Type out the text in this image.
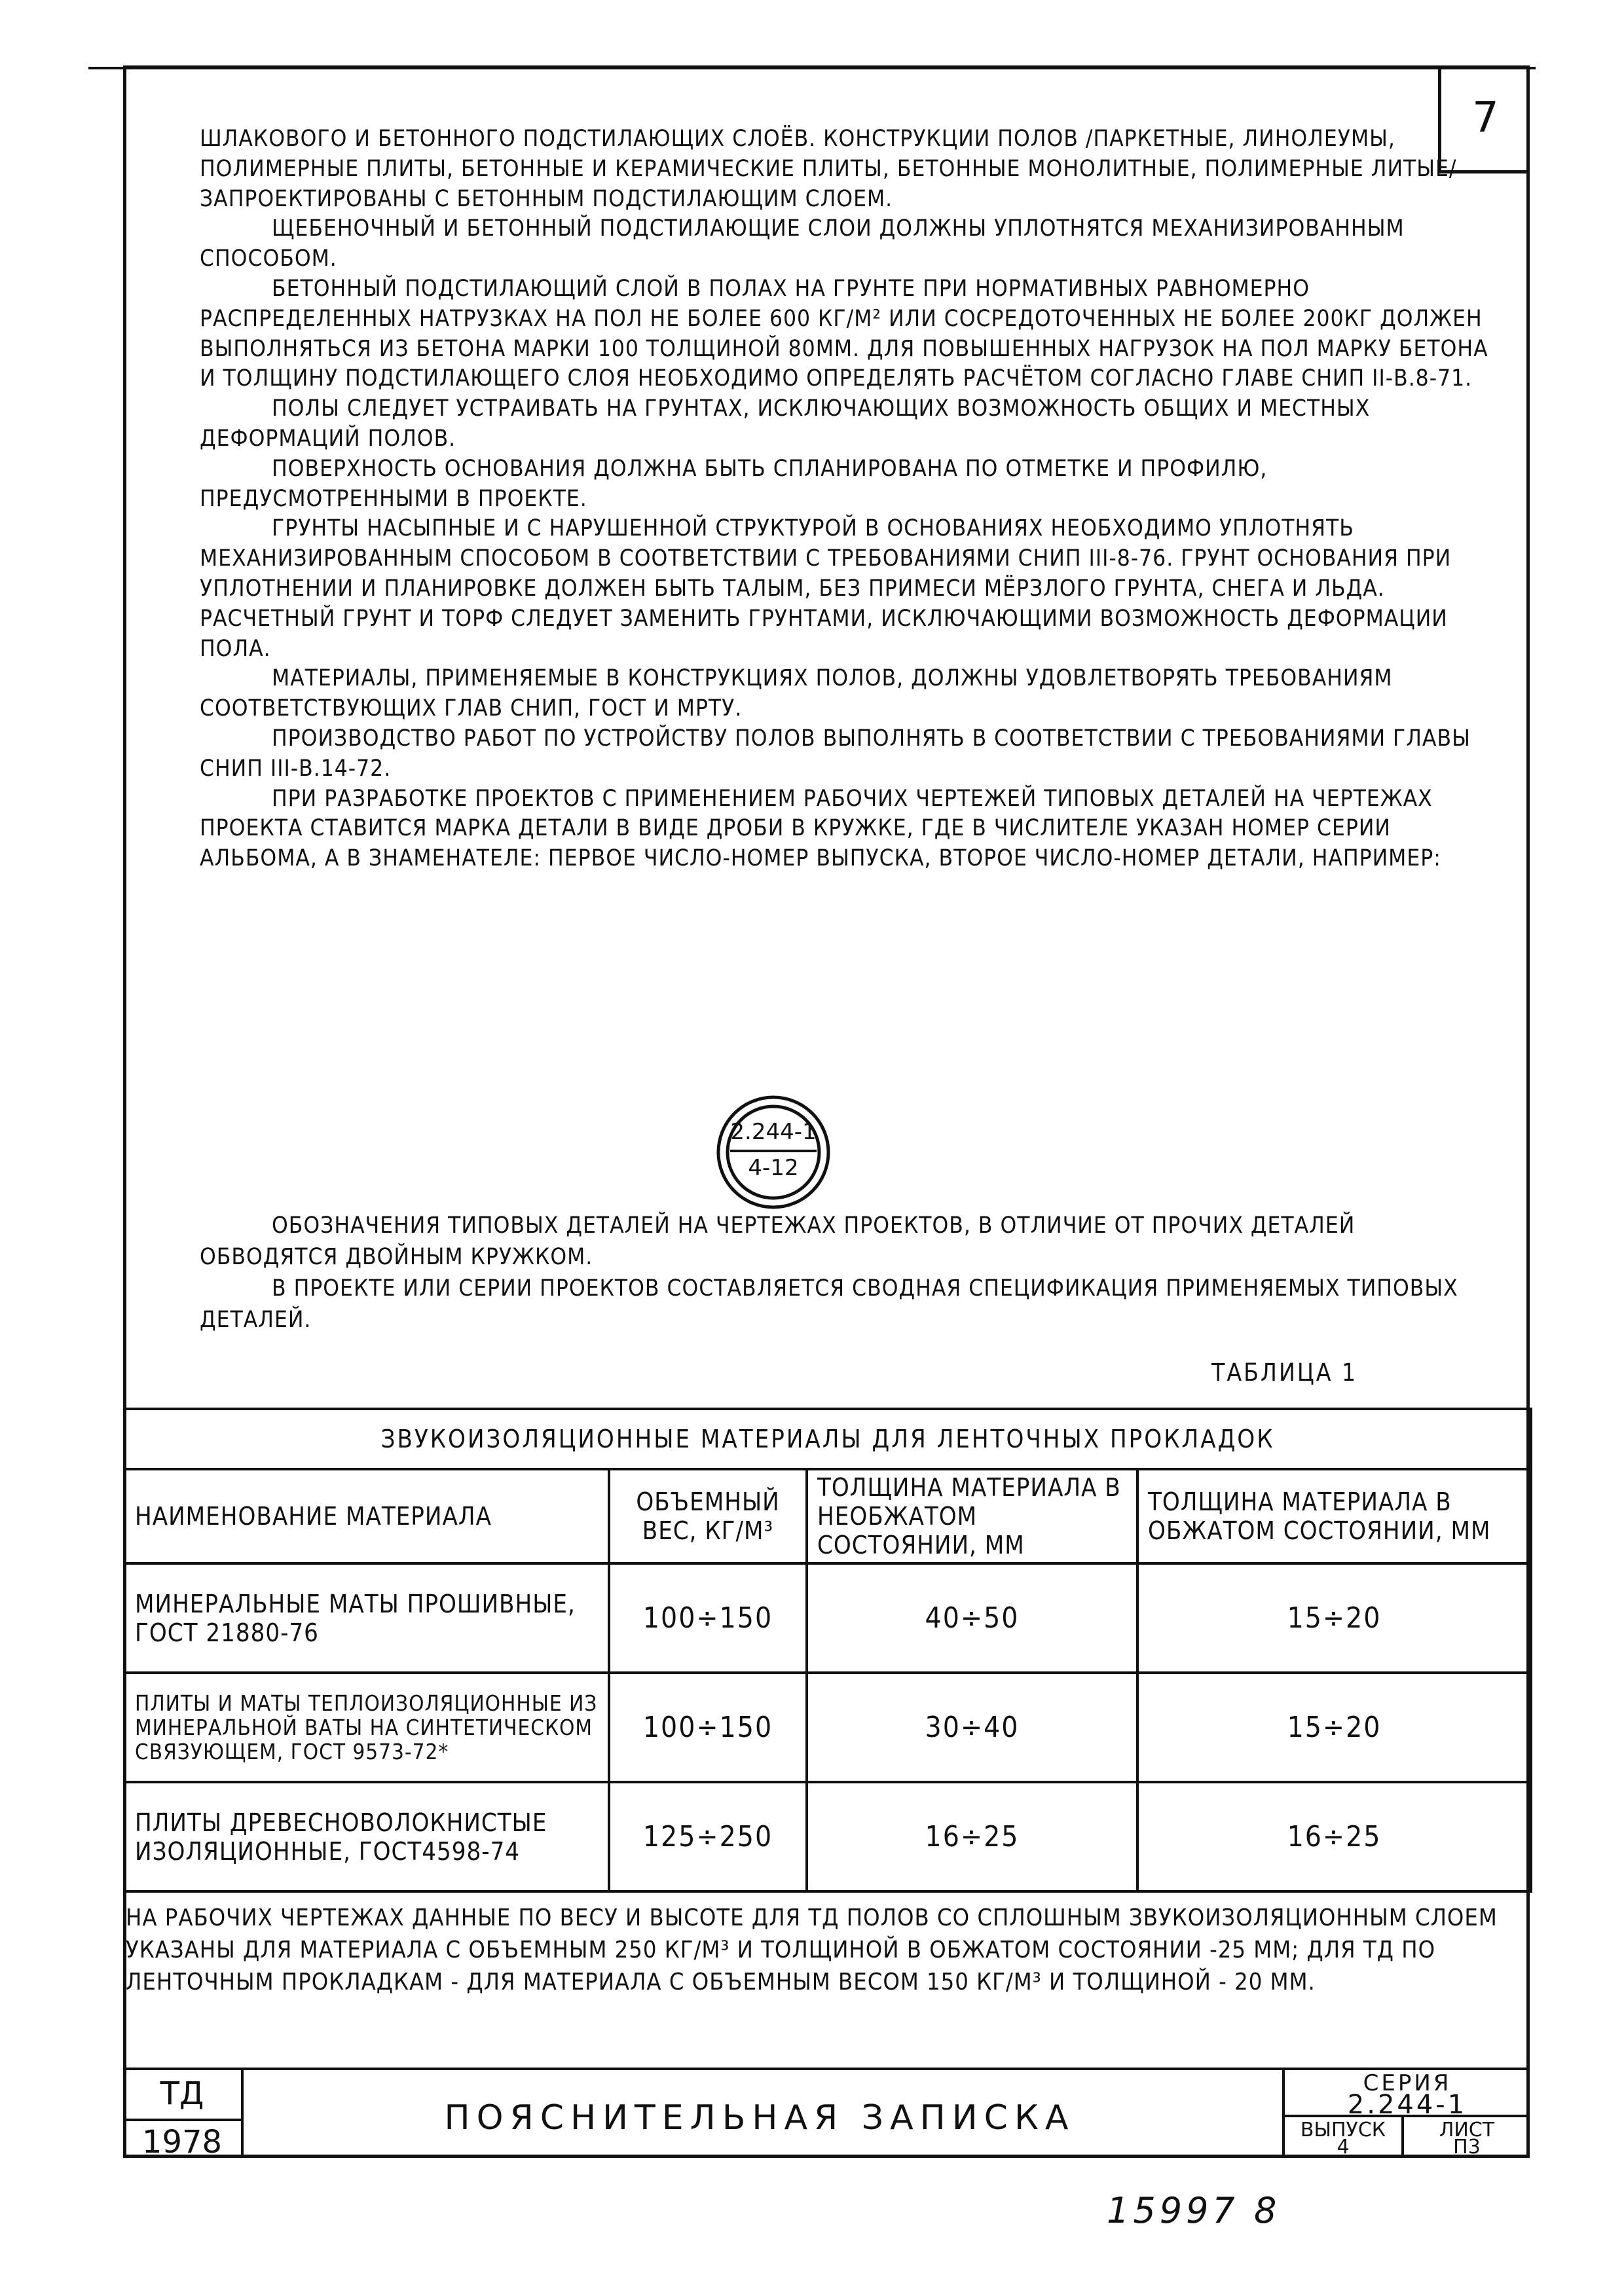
7

ШЛАКОВОГО И БЕТОННОГО ПОДСТИЛАЮЩИХ СЛОЁВ. КОНСТРУКЦИИ ПОЛОВ /ПАРКЕТНЫЕ, ЛИНОЛЕУМЫ, ПОЛИМЕРНЫЕ ПЛИТЫ, БЕТОННЫЕ И КЕРАМИЧЕСКИЕ ПЛИТЫ, БЕТОННЫЕ МОНОЛИТНЫЕ, ПОЛИМЕРНЫЕ ЛИТЫЕ/ ЗАПРОЕКТИРОВАНЫ С БЕТОННЫМ ПОДСТИЛАЮЩИМ СЛОЕМ.

ЩЕБЕНОЧНЫЙ И БЕТОННЫЙ ПОДСТИЛАЮЩИЕ СЛОИ ДОЛЖНЫ УПЛОТНЯТСЯ МЕХАНИЗИРОВАННЫМ СПОСОБОМ.

БЕТОННЫЙ ПОДСТИЛАЮЩИЙ СЛОЙ В ПОЛАХ НА ГРУНТЕ ПРИ НОРМАТИВНЫХ РАВНОМЕРНО РАСПРЕДЕЛЕННЫХ НАТРУЗКАХ НА ПОЛ НЕ БОЛЕЕ 600 КГ/М² ИЛИ СОСРЕДОТОЧЕННЫХ НЕ БОЛЕЕ 200КГ ДОЛЖЕН ВЫПОЛНЯТЬСЯ ИЗ БЕТОНА МАРКИ 100 ТОЛЩИНОЙ 80ММ. ДЛЯ ПОВЫШЕННЫХ НАГРУЗОК НА ПОЛ МАРКУ БЕТОНА И ТОЛЩИНУ ПОДСТИЛАЮЩЕГО СЛОЯ НЕОБХОДИМО ОПРЕДЕЛЯТЬ РАСЧЁТОМ СОГЛАСНО ГЛАВЕ СНИП II-В.8-71.

ПОЛЫ СЛЕДУЕТ УСТРАИВАТЬ НА ГРУНТАХ, ИСКЛЮЧАЮЩИХ ВОЗМОЖНОСТЬ ОБЩИХ И МЕСТНЫХ ДЕФОРМАЦИЙ ПОЛОВ.

ПОВЕРХНОСТЬ ОСНОВАНИЯ ДОЛЖНА БЫТЬ СПЛАНИРОВАНА ПО ОТМЕТКЕ И ПРОФИЛЮ, ПРЕДУСМОТРЕННЫМИ В ПРОЕКТЕ.

ГРУНТЫ НАСЫПНЫЕ И С НАРУШЕННОЙ СТРУКТУРОЙ В ОСНОВАНИЯХ НЕОБХОДИМО УПЛОТНЯТЬ МЕХАНИЗИРОВАННЫМ СПОСОБОМ В СООТВЕТСТВИИ С ТРЕБОВАНИЯМИ СНИП III-8-76. ГРУНТ ОСНОВАНИЯ ПРИ УПЛОТНЕНИИ И ПЛАНИРОВКЕ ДОЛЖЕН БЫТЬ ТАЛЫМ, БЕЗ ПРИМЕСИ МЁРЗЛОГО ГРУНТА, СНЕГА И ЛЬДА. РАСЧЕТНЫЙ ГРУНТ И ТОРФ СЛЕДУЕТ ЗАМЕНИТЬ ГРУНТАМИ, ИСКЛЮЧАЮЩИМИ ВОЗМОЖНОСТЬ ДЕФОРМАЦИИ ПОЛА.

МАТЕРИАЛЫ, ПРИМЕНЯЕМЫЕ В КОНСТРУКЦИЯХ ПОЛОВ, ДОЛЖНЫ УДОВЛЕТВОРЯТЬ ТРЕБОВАНИЯМ СООТВЕТСТВУЮЩИХ ГЛАВ СНИП, ГОСТ И МРТУ.

ПРОИЗВОДСТВО РАБОТ ПО УСТРОЙСТВУ ПОЛОВ ВЫПОЛНЯТЬ В СООТВЕТСТВИИ С ТРЕБОВАНИЯМИ ГЛАВЫ СНИП III-В.14-72.

ПРИ РАЗРАБОТКЕ ПРОЕКТОВ С ПРИМЕНЕНИЕМ РАБОЧИХ ЧЕРТЕЖЕЙ ТИПОВЫХ ДЕТАЛЕЙ НА ЧЕРТЕЖАХ ПРОЕКТА СТАВИТСЯ МАРКА ДЕТАЛИ В ВИДЕ ДРОБИ В КРУЖКЕ, ГДЕ В ЧИСЛИТЕЛЕ УКАЗАН НОМЕР СЕРИИ АЛЬБОМА, А В ЗНАМЕНАТЕЛЕ: ПЕРВОЕ ЧИСЛО-НОМЕР ВЫПУСКА, ВТОРОЕ ЧИСЛО-НОМЕР ДЕТАЛИ, НАПРИМЕР:

2.244-1
4-12

ОБОЗНАЧЕНИЯ ТИПОВЫХ ДЕТАЛЕЙ НА ЧЕРТЕЖАХ ПРОЕКТОВ, В ОТЛИЧИЕ ОТ ПРОЧИХ ДЕТАЛЕЙ ОБВОДЯТСЯ ДВОЙНЫМ КРУЖКОМ.

В ПРОЕКТЕ ИЛИ СЕРИИ ПРОЕКТОВ СОСТАВЛЯЕТСЯ СВОДНАЯ СПЕЦИФИКАЦИЯ ПРИМЕНЯЕМЫХ ТИПОВЫХ ДЕТАЛЕЙ.

ТАБЛИЦА 1
ЗВУКОИЗОЛЯЦИОННЫЕ МАТЕРИАЛЫ ДЛЯ ЛЕНТОЧНЫХ ПРОКЛАДОК			
НАИМЕНОВАНИЕ МАТЕРИАЛА	ОБЪЕМНЫЙ ВЕС, КГ/М³	ТОЛЩИНА МАТЕРИАЛА В НЕОБЖАТОМ СОСТОЯНИИ, ММ	ТОЛЩИНА МАТЕРИАЛА В ОБЖАТОМ СОСТОЯНИИ, ММ
МИНЕРАЛЬНЫЕ МАТЫ ПРОШИВНЫЕ, ГОСТ 21880-76	100÷150	40÷50	15÷20
ПЛИТЫ И МАТЫ ТЕПЛОИЗОЛЯЦИОННЫЕ ИЗ МИНЕРАЛЬНОЙ ВАТЫ НА СИНТЕТИЧЕСКОМ СВЯЗУЮЩЕМ, ГОСТ 9573-72*	100÷150	30÷40	15÷20
ПЛИТЫ ДРЕВЕСНОВОЛОКНИСТЫЕ ИЗОЛЯЦИОННЫЕ, ГОСТ4598-74	125÷250	16÷25	16÷25

НА РАБОЧИХ ЧЕРТЕЖАХ ДАННЫЕ ПО ВЕСУ И ВЫСОТЕ ДЛЯ ТД ПОЛОВ СО СПЛОШНЫМ ЗВУКОИЗОЛЯЦИОННЫМ СЛОЕМ УКАЗАНЫ ДЛЯ МАТЕРИАЛА С ОБЪЕМНЫМ 250 КГ/М³ И ТОЛЩИНОЙ В ОБЖАТОМ СОСТОЯНИИ -25 ММ; ДЛЯ ТД ПО ЛЕНТОЧНЫМ ПРОКЛАДКАМ - ДЛЯ МАТЕРИАЛА С ОБЪЕМНЫМ ВЕСОМ 150 КГ/М³ И ТОЛЩИНОЙ - 20 ММ.

ТД
1978
ПОЯСНИТЕЛЬНАЯ ЗАПИСКА
СЕРИЯ
2.244-1
ВЫПУСК
4
ЛИСТ
П3
15997 8
